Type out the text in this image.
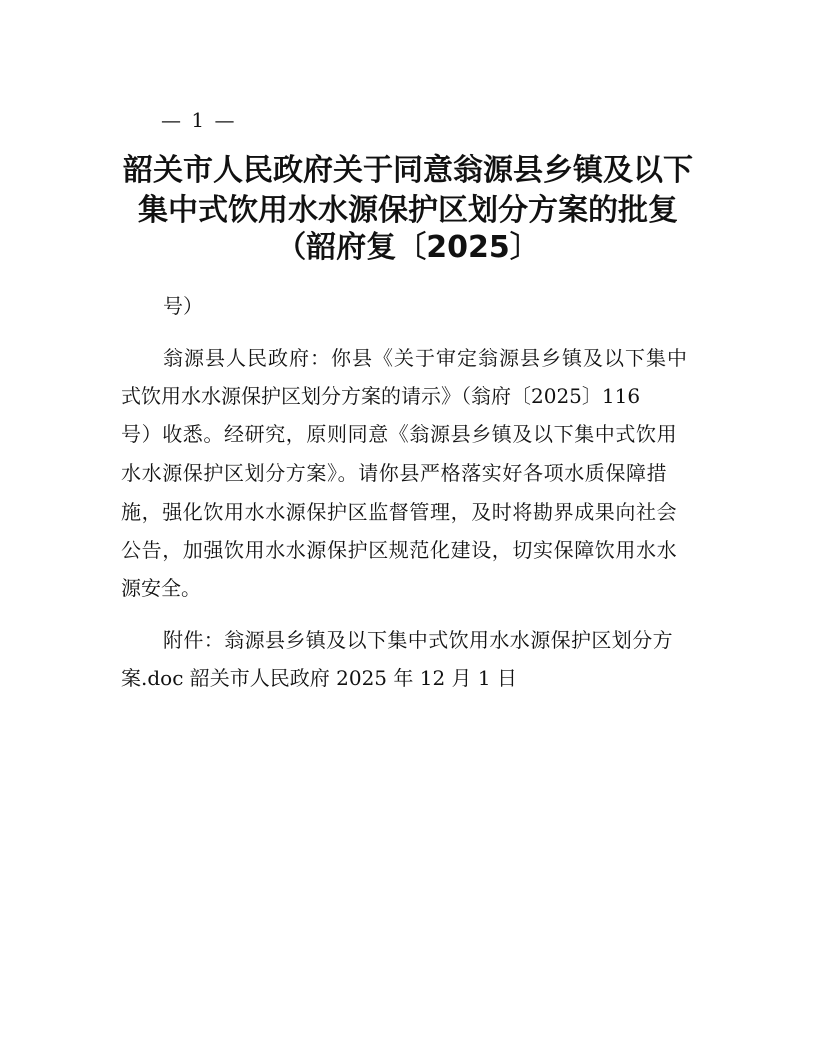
— 1 —
韶关市人民政府关于同意翁源县乡镇及以下
集中式饮用水水源保护区划分方案的批复
（韶府复〔2025〕
号）
翁源县人民政府：你县《关于审定翁源县乡镇及以下集中
式饮用水水源保护区划分方案的请示》（翁府〔2025〕116
号）收悉。经研究，原则同意《翁源县乡镇及以下集中式饮用
水水源保护区划分方案》。请你县严格落实好各项水质保障措
施，强化饮用水水源保护区监督管理，及时将勘界成果向社会
公告，加强饮用水水源保护区规范化建设，切实保障饮用水水
源安全。
附件：翁源县乡镇及以下集中式饮用水水源保护区划分方
案.doc 韶关市人民政府 2025 年 12 月 1 日
